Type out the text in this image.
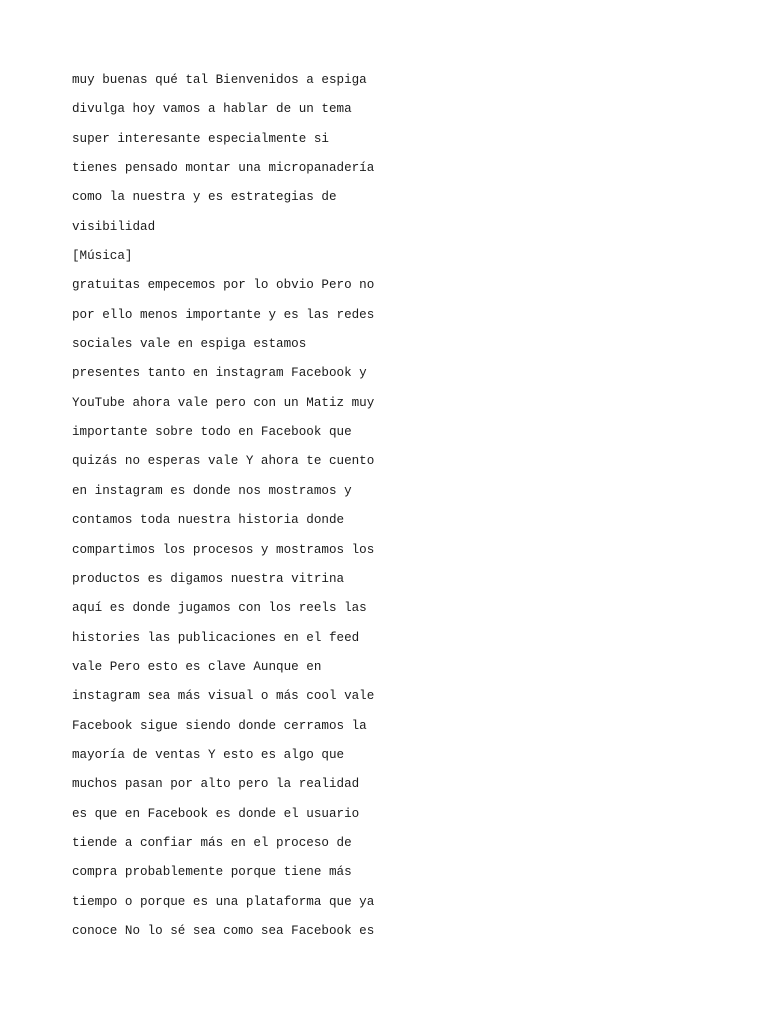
muy buenas qué tal Bienvenidos a espiga
divulga hoy vamos a hablar de un tema
super interesante especialmente si
tienes pensado montar una micropanadería
como la nuestra y es estrategias de
visibilidad
[Música]
gratuitas empecemos por lo obvio Pero no
por ello menos importante y es las redes
sociales vale en espiga estamos
presentes tanto en instagram Facebook y
YouTube ahora vale pero con un Matiz muy
importante sobre todo en Facebook que
quizás no esperas vale Y ahora te cuento
en instagram es donde nos mostramos y
contamos toda nuestra historia donde
compartimos los procesos y mostramos los
productos es digamos nuestra vitrina
aquí es donde jugamos con los reels las
histories las publicaciones en el feed
vale Pero esto es clave Aunque en
instagram sea más visual o más cool vale
Facebook sigue siendo donde cerramos la
mayoría de ventas Y esto es algo que
muchos pasan por alto pero la realidad
es que en Facebook es donde el usuario
tiende a confiar más en el proceso de
compra probablemente porque tiene más
tiempo o porque es una plataforma que ya
conoce No lo sé sea como sea Facebook es
